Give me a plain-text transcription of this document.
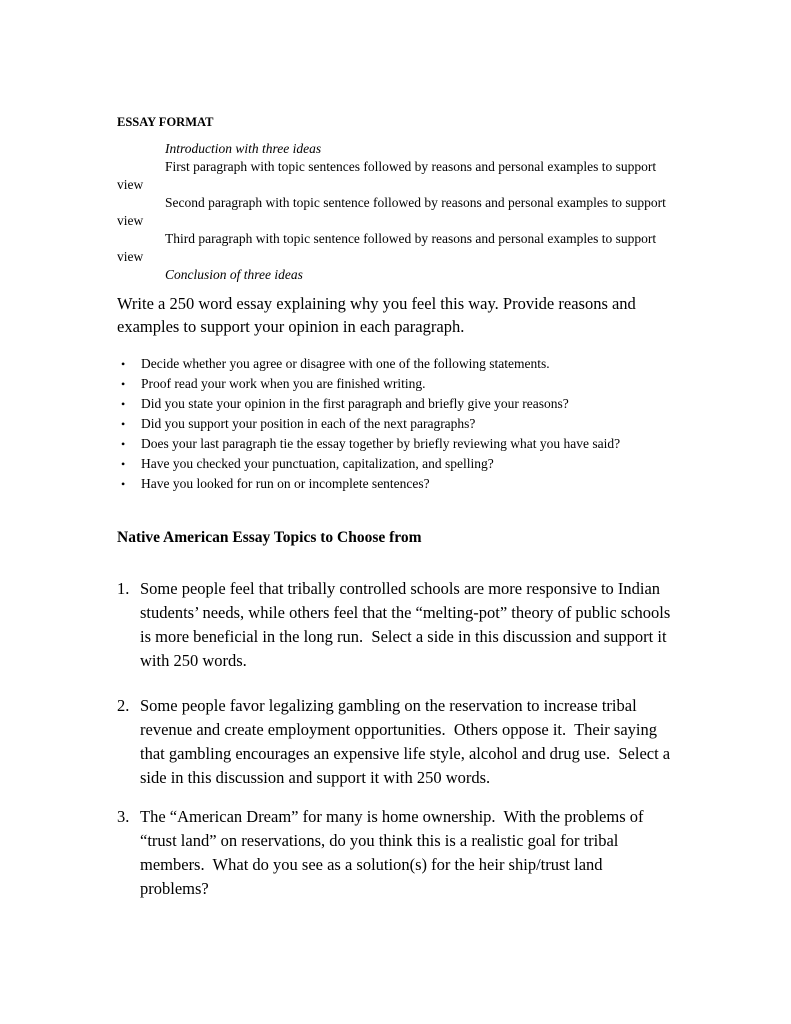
ESSAY FORMAT

Introduction with three ideas

First paragraph with topic sentences followed by reasons and personal examples to support view

Second paragraph with topic sentence followed by reasons and personal examples to support view

Third paragraph with topic sentence followed by reasons and personal examples to support view

Conclusion of three ideas

Write a 250 word essay explaining why you feel this way. Provide reasons and examples to support your opinion in each paragraph.

•	Decide whether you agree or disagree with one of the following statements.
•	Proof read your work when you are finished writing.
•	Did you state your opinion in the first paragraph and briefly give your reasons?
•	Did you support your position in each of the next paragraphs?
•	Does your last paragraph tie the essay together by briefly reviewing what you have said?
•	Have you checked your punctuation, capitalization, and spelling?
•	Have you looked for run on or incomplete sentences?
Native American Essay Topics to Choose from
1. Some people feel that tribally controlled schools are more responsive to Indian students’ needs, while others feel that the “melting-pot” theory of public schools is more beneficial in the long run.  Select a side in this discussion and support it with 250 words.
2. Some people favor legalizing gambling on the reservation to increase tribal revenue and create employment opportunities.  Others oppose it.  Their saying that gambling encourages an expensive life style, alcohol and drug use.  Select a side in this discussion and support it with 250 words.
3. The “American Dream” for many is home ownership.  With the problems of “trust land” on reservations, do you think this is a realistic goal for tribal members.  What do you see as a solution(s) for the heir ship/trust land problems?
